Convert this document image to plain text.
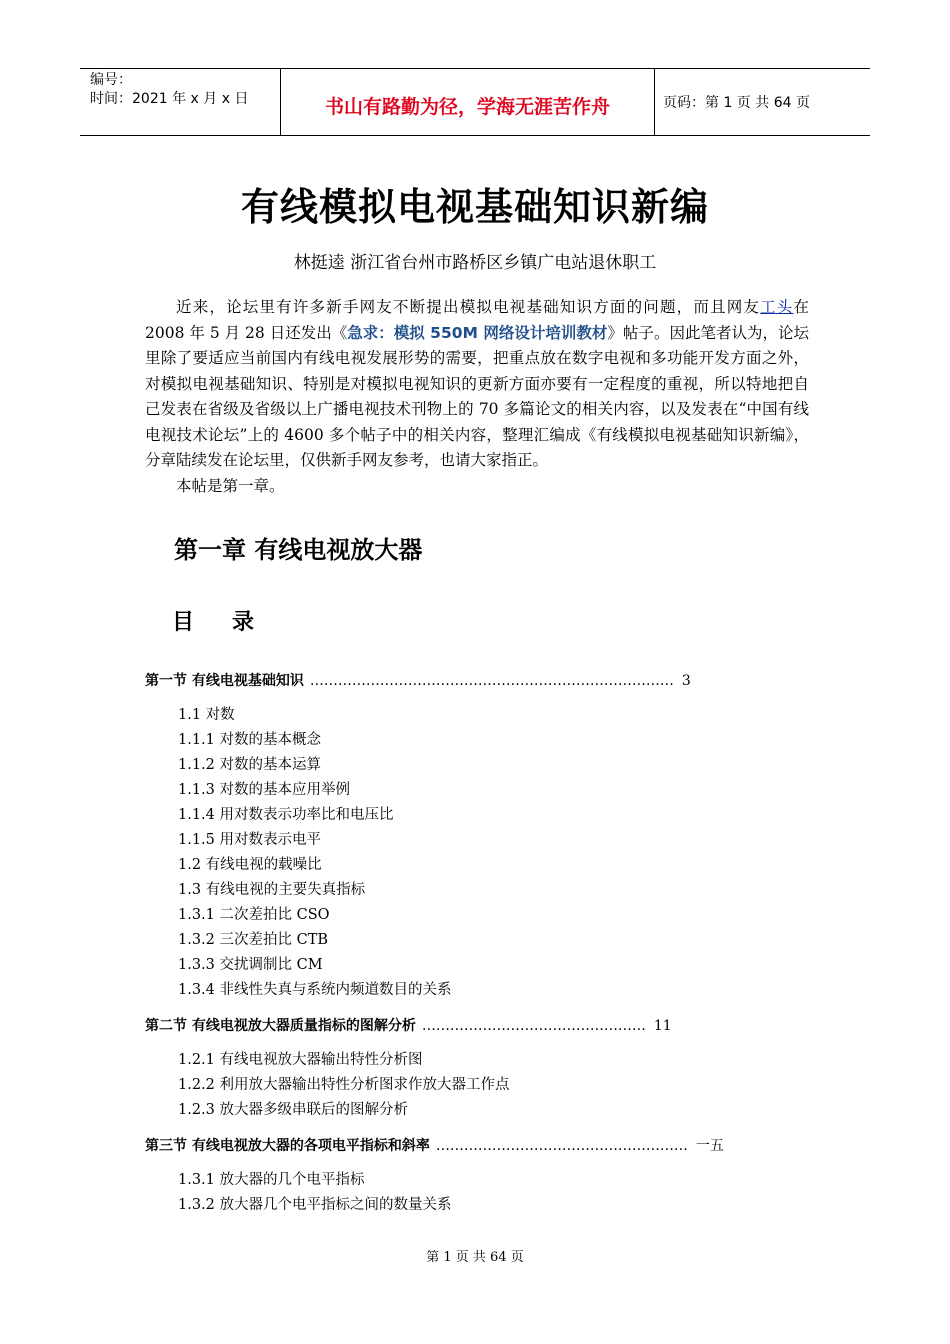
编号：
时间：2021 年 x 月 x 日	书山有路勤为径，学海无涯苦作舟	页码：第 1 页 共 64 页
有线模拟电视基础知识新编
林挺逵 浙江省台州市路桥区乡镇广电站退休职工

近来，论坛里有许多新手网友不断提出模拟电视基础知识方面的问题，而且网友工头在 2008 年 5 月 28 日还发出《急求：模拟 550M 网络设计培训教材》帖子。因此笔者认为，论坛里除了要适应当前国内有线电视发展形势的需要，把重点放在数字电视和多功能开发方面之外，对模拟电视基础知识、特别是对模拟电视知识的更新方面亦要有一定程度的重视，所以特地把自己发表在省级及省级以上广播电视技术刊物上的 70 多篇论文的相关内容，以及发表在“中国有线电视技术论坛”上的 4600 多个帖子中的相关内容，整理汇编成《有线模拟电视基础知识新编》，分章陆续发在论坛里，仅供新手网友参考，也请大家指正。

本帖是第一章。

第一章 有线电视放大器
目录
第一节 有线电视基础知识 …………………………………………………………………… 3
1.1 对数
1.1.1 对数的基本概念
1.1.2 对数的基本运算
1.1.3 对数的基本应用举例
1.1.4 用对数表示功率比和电压比
1.1.5 用对数表示电平
1.2 有线电视的载噪比
1.3 有线电视的主要失真指标
1.3.1 二次差拍比 CSO
1.3.2 三次差拍比 CTB
1.3.3 交扰调制比 CM
1.3.4 非线性失真与系统内频道数目的关系
第二节 有线电视放大器质量指标的图解分析 ………………………………………… 11
1.2.1 有线电视放大器输出特性分析图
1.2.2 利用放大器输出特性分析图求作放大器工作点
1.2.3 放大器多级串联后的图解分析
第三节 有线电视放大器的各项电平指标和斜率 ……………………………………………… 一五
1.3.1 放大器的几个电平指标
1.3.2 放大器几个电平指标之间的数量关系
第 1 页 共 64 页
